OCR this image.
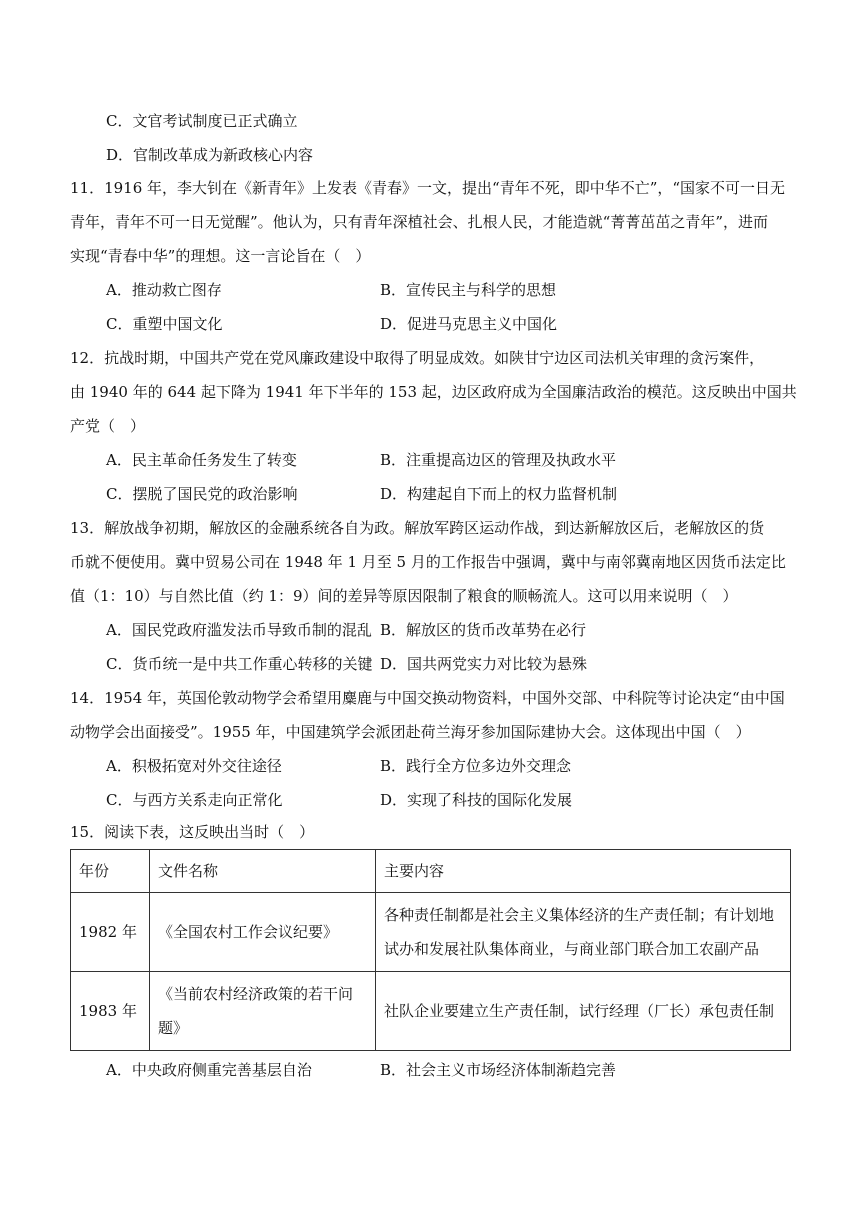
C．文官考试制度已正式确立
D．官制改革成为新政核心内容
11．1916 年，李大钊在《新青年》上发表《青春》一文，提出“青年不死，即中华不亡”，“国家不可一日无
青年，青年不可一日无觉醒”。他认为，只有青年深植社会、扎根人民，才能造就“菁菁茁茁之青年”，进而
实现“青春中华”的理想。这一言论旨在（　）
A．推动救亡图存	B．宣传民主与科学的思想
C．重塑中国文化	D．促进马克思主义中国化
12．抗战时期，中国共产党在党风廉政建设中取得了明显成效。如陕甘宁边区司法机关审理的贪污案件，
由 1940 年的 644 起下降为 1941 年下半年的 153 起，边区政府成为全国廉洁政治的模范。这反映出中国共
产党（　）
A．民主革命任务发生了转变	B．注重提高边区的管理及执政水平
C．摆脱了国民党的政治影响	D．构建起自下而上的权力监督机制
13．解放战争初期，解放区的金融系统各自为政。解放军跨区运动作战，到达新解放区后，老解放区的货
币就不便使用。冀中贸易公司在 1948 年 1 月至 5 月的工作报告中强调，冀中与南邻冀南地区因货币法定比
值（1：10）与自然比值（约 1：9）间的差异等原因限制了粮食的顺畅流人。这可以用来说明（　）
A．国民党政府滥发法币导致币制的混乱 B．解放区的货币改革势在必行
C．货币统一是中共工作重心转移的关键 D．国共两党实力对比较为悬殊
14．1954 年，英国伦敦动物学会希望用麋鹿与中国交换动物资料，中国外交部、中科院等讨论决定“由中国
动物学会出面接受”。1955 年，中国建筑学会派团赴荷兰海牙参加国际建协大会。这体现出中国（　）
A．积极拓宽对外交往途径	B．践行全方位多边外交理念
C．与西方关系走向正常化	D．实现了科技的国际化发展
15．阅读下表，这反映出当时（　）
年份	文件名称	主要内容
1982 年	《全国农村工作会议纪要》	各种责任制都是社会主义集体经济的生产责任制；有计划地
试办和发展社队集体商业，与商业部门联合加工农副产品

1983 年	《当前农村经济政策的若干问
题》	社队企业要建立生产责任制，试行经理（厂长）承包责任制
A．中央政府侧重完善基层自治	B．社会主义市场经济体制渐趋完善
